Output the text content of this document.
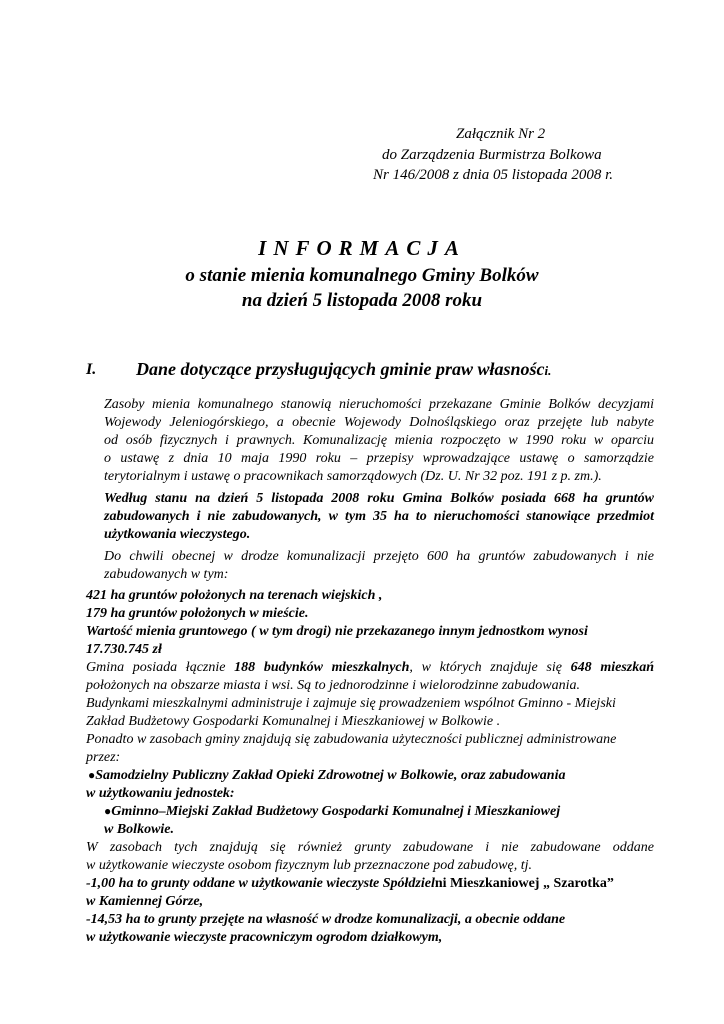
Załącznik Nr 2
do Zarządzenia Burmistrza Bolkowa
Nr 146/2008 z dnia 05 listopada 2008 r.
INFORMACJA
o stanie mienia komunalnego Gminy Bolków
na dzień 5 listopada 2008 roku
I. Dane dotyczące przysługujących gminie praw własności.
Zasoby mienia komunalnego stanowią nieruchomości przekazane Gminie Bolków decyzjami
Wojewody Jeleniogórskiego, a obecnie Wojewody Dolnośląskiego oraz przejęte lub nabyte
od osób fizycznych i prawnych. Komunalizację mienia rozpoczęto w 1990 roku w oparciu
o ustawę z dnia 10 maja 1990 roku – przepisy wprowadzające ustawę o samorządzie
terytorialnym i ustawę o pracownikach samorządowych (Dz. U. Nr 32 poz. 191 z p. zm.).
Według stanu na dzień 5 listopada 2008 roku Gmina Bolków posiada 668 ha gruntów
zabudowanych i nie zabudowanych, w tym 35 ha to nieruchomości stanowiące przedmiot
użytkowania wieczystego.
Do chwili obecnej w drodze komunalizacji przejęto 600 ha gruntów zabudowanych i nie
zabudowanych w tym:
421 ha gruntów położonych na terenach wiejskich ,
179 ha gruntów położonych w mieście.
Wartość mienia gruntowego ( w tym drogi) nie przekazanego innym jednostkom wynosi
17.730.745 zł
Gmina posiada łącznie 188 budynków mieszkalnych, w których znajduje się 648 mieszkań
położonych na obszarze miasta i wsi. Są to jednorodzinne i wielorodzinne zabudowania.
Budynkami mieszkalnymi administruje i zajmuje się prowadzeniem wspólnot Gminno - Miejski
Zakład Budżetowy Gospodarki Komunalnej i Mieszkaniowej w Bolkowie .
Ponadto w zasobach gminy znajdują się zabudowania użyteczności publicznej administrowane
przez:
●Samodzielny Publiczny Zakład Opieki Zdrowotnej w Bolkowie, oraz zabudowania
w użytkowaniu jednostek:
●Gminno–Miejski Zakład Budżetowy Gospodarki Komunalnej i Mieszkaniowej
w Bolkowie.
W zasobach tych znajdują się również grunty zabudowane i nie zabudowane oddane
w użytkowanie wieczyste osobom fizycznym lub przeznaczone pod zabudowę, tj.
-1,00 ha to grunty oddane w użytkowanie wieczyste Spółdzielni Mieszkaniowej „ Szarotka”
w Kamiennej Górze,
-14,53 ha to grunty przejęte na własność w drodze komunalizacji, a obecnie oddane
w użytkowanie wieczyste pracowniczym ogrodom działkowym,
